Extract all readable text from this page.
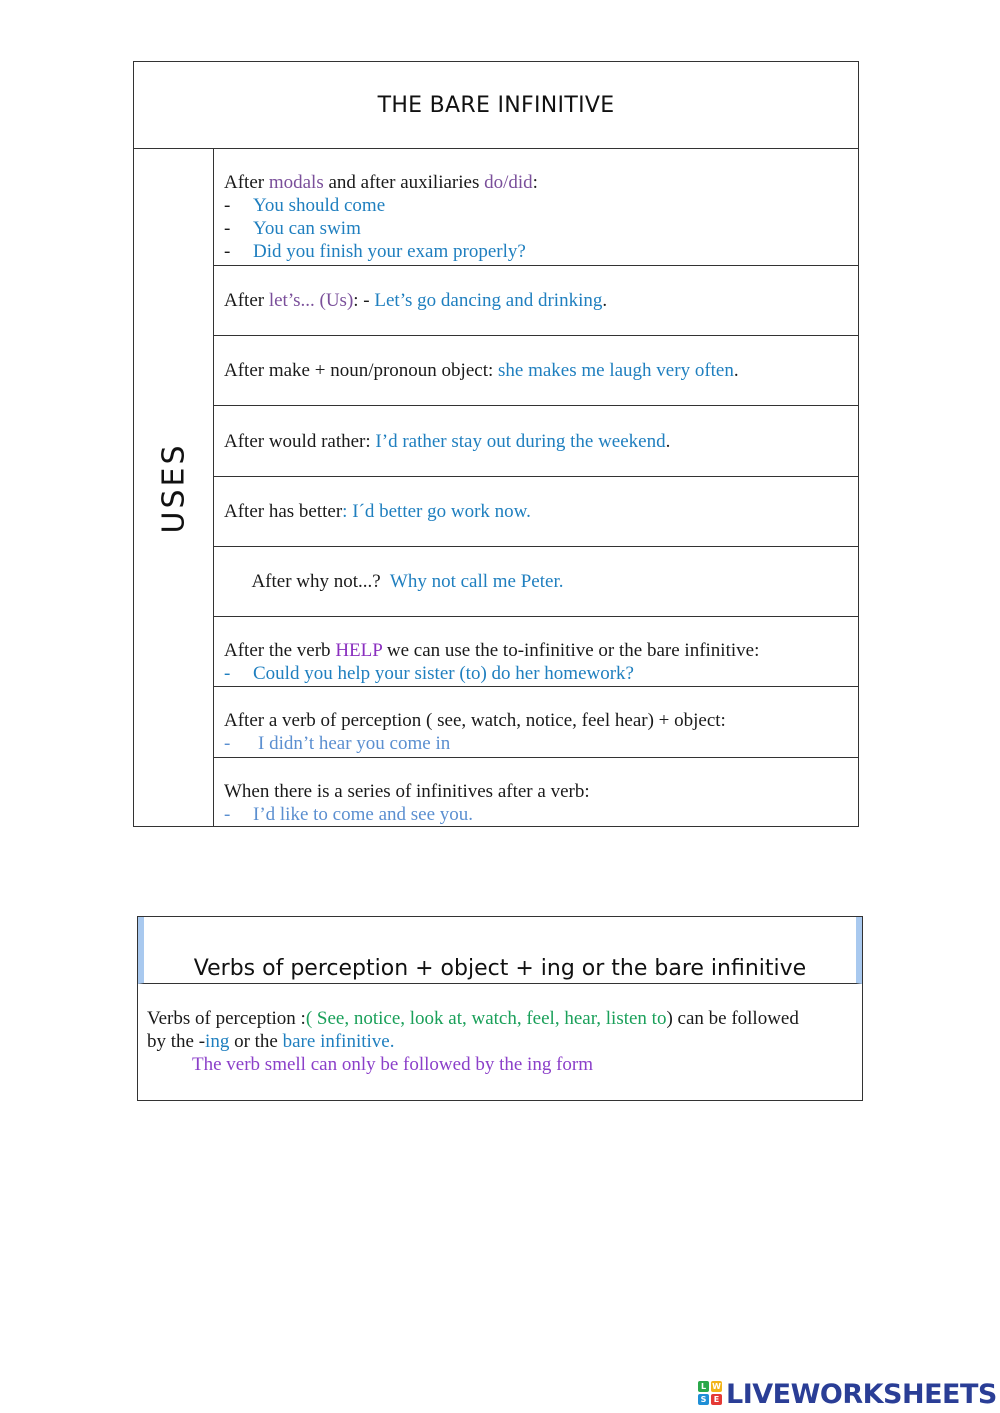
THE BARE INFINITIVE
USES
After modals and after auxiliaries do/did:
- You should come
- You can swim
- Did you finish your exam properly?
After let’s... (Us): - Let’s go dancing and drinking.
After make + noun/pronoun object: she makes me laugh very often.
After would rather: I’d rather stay out during the weekend.
After has better: I´d better go work now.

After why not...?  Why not call me Peter.

After the verb HELP we can use the to-infinitive or the bare infinitive:
- Could you help your sister (to) do her homework?
After a verb of perception ( see, watch, notice, feel hear) + object:
- I didn’t hear you come in
When there is a series of infinitives after a verb:
- I’d like to come and see you.
Verbs of perception + object + ing or the bare infinitive
Verbs of perception :( See, notice, look at, watch, feel, hear, listen to) can be followed
by the -ing or the bare infinitive.
The verb smell can only be followed by the ing form
L W
S E LIVEWORKSHEETS
